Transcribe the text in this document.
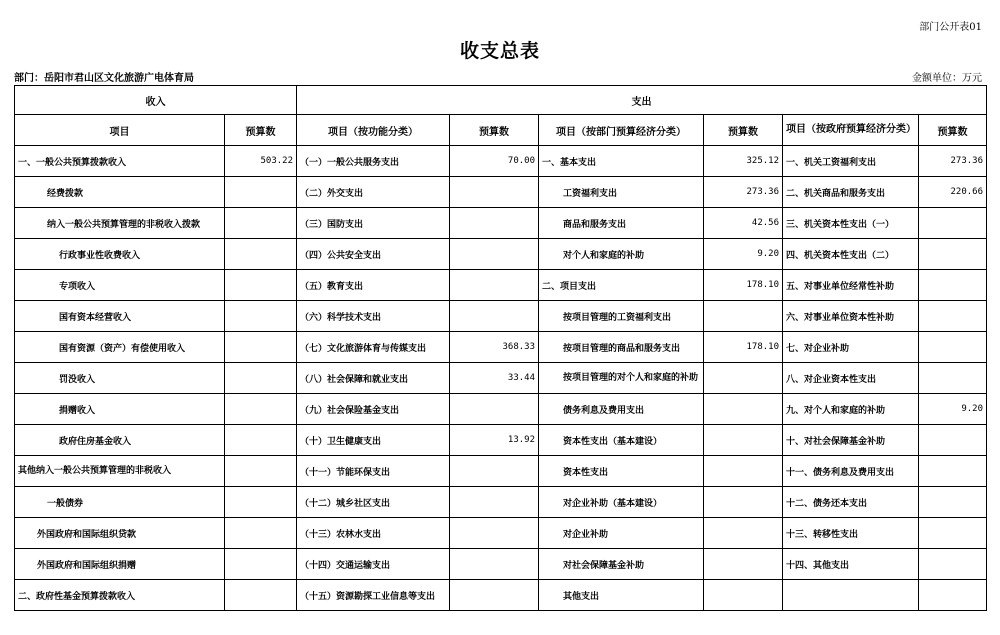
部门公开表01
收支总表
部门：岳阳市君山区文化旅游广电体育局	金额单位：万元
收入		支出					
项目	预算数	项目（按功能分类）	预算数	项目（按部门预算经济分类）	预算数	项目（按政府预算经济分类）	预算数
一、一般公共预算拨款收入	503.22	（一）一般公共服务支出	70.00	一、基本支出	325.12	一、机关工资福利支出	273.36
经费拨款		（二）外交支出		工资福利支出	273.36	二、机关商品和服务支出	220.66
纳入一般公共预算管理的非税收入拨款		（三）国防支出		商品和服务支出	42.56	三、机关资本性支出（一）	
行政事业性收费收入		（四）公共安全支出		对个人和家庭的补助	9.20	四、机关资本性支出（二）	
专项收入		（五）教育支出		二、项目支出	178.10	五、对事业单位经常性补助	
国有资本经营收入		（六）科学技术支出		按项目管理的工资福利支出		六、对事业单位资本性补助	
国有资源（资产）有偿使用收入		（七）文化旅游体育与传媒支出	368.33	按项目管理的商品和服务支出	178.10	七、对企业补助	
罚没收入		（八）社会保障和就业支出	33.44	按项目管理的对个人和家庭的补助		八、对企业资本性支出	
捐赠收入		（九）社会保险基金支出		债务利息及费用支出		九、对个人和家庭的补助	9.20
政府住房基金收入		（十）卫生健康支出	13.92	资本性支出（基本建设）		十、对社会保障基金补助	
其他纳入一般公共预算管理的非税收入		（十一）节能环保支出		资本性支出		十一、债务利息及费用支出	
一般债券		（十二）城乡社区支出		对企业补助（基本建设）		十二、债务还本支出	
外国政府和国际组织贷款		（十三）农林水支出		对企业补助		十三、转移性支出	
外国政府和国际组织捐赠		（十四）交通运输支出		对社会保障基金补助		十四、其他支出	
二、政府性基金预算拨款收入		（十五）资源勘探工业信息等支出		其他支出			
